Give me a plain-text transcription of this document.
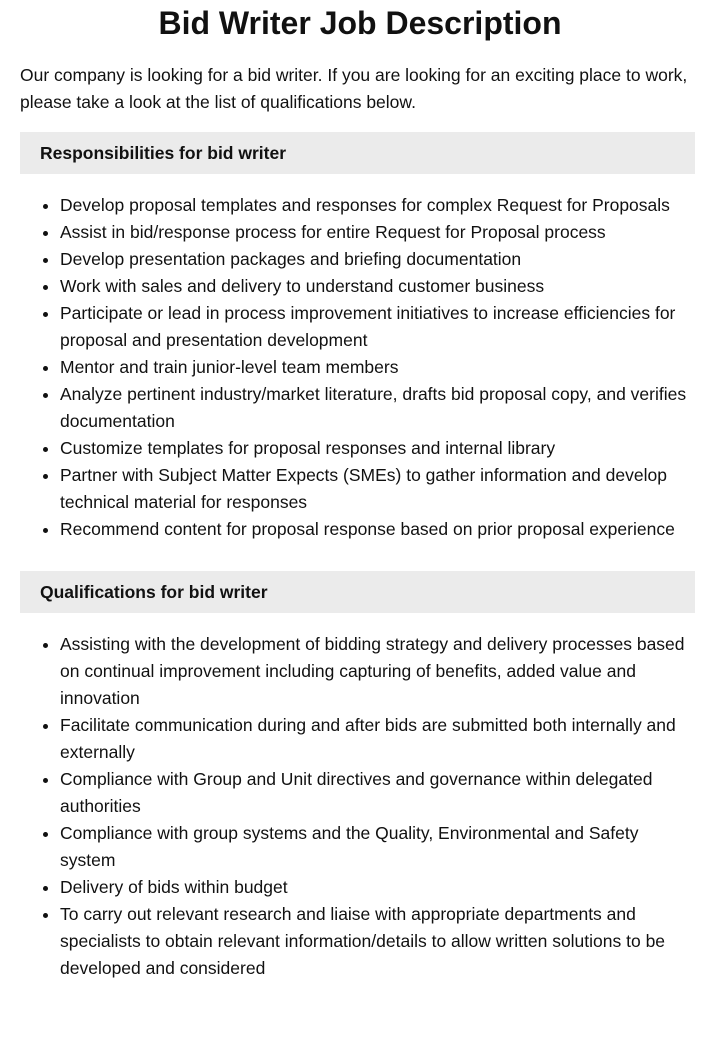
Bid Writer Job Description

Our company is looking for a bid writer. If you are looking for an exciting place to work, please take a look at the list of qualifications below.

Responsibilities for bid writer
• Develop proposal templates and responses for complex Request for Proposals
• Assist in bid/response process for entire Request for Proposal process
• Develop presentation packages and briefing documentation
• Work with sales and delivery to understand customer business
• Participate or lead in process improvement initiatives to increase efficiencies for proposal and presentation development
• Mentor and train junior-level team members
• Analyze pertinent industry/market literature, drafts bid proposal copy, and verifies documentation
• Customize templates for proposal responses and internal library
• Partner with Subject Matter Expects (SMEs) to gather information and develop technical material for responses
• Recommend content for proposal response based on prior proposal experience
Qualifications for bid writer
• Assisting with the development of bidding strategy and delivery processes based on continual improvement including capturing of benefits, added value and innovation
• Facilitate communication during and after bids are submitted both internally and externally
• Compliance with Group and Unit directives and governance within delegated authorities
• Compliance with group systems and the Quality, Environmental and Safety system
• Delivery of bids within budget
• To carry out relevant research and liaise with appropriate departments and specialists to obtain relevant information/details to allow written solutions to be developed and considered
